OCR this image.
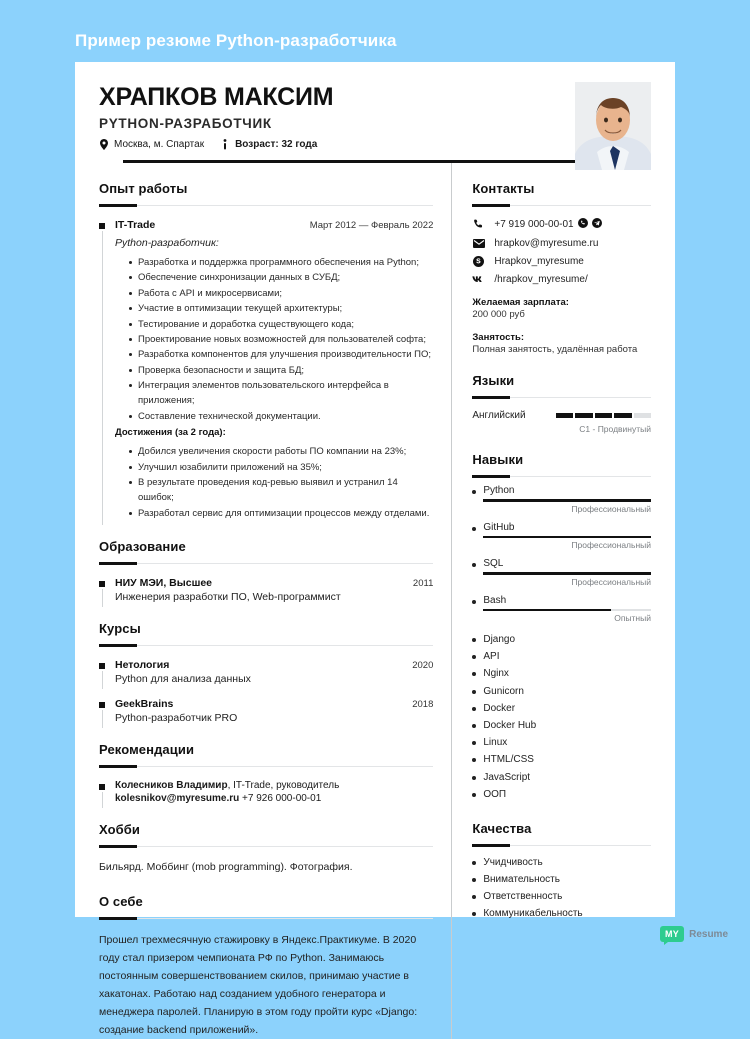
Пример резюме Python-разработчика
ХРАПКОВ МАКСИМ
PYTHON-РАЗРАБОТЧИК
Москва, м. Спартак	Возраст: 32 года
Опыт работы
IT-Trade	Март 2012 — Февраль 2022
Python-разработчик:
Разработка и поддержка программного обеспечения на Python;
Обеспечение синхронизации данных в СУБД;
Работа с API и микросервисами;
Участие в оптимизации текущей архитектуры;
Тестирование и доработка существующего кода;
Проектирование новых возможностей для пользователей софта;
Разработка компонентов для улучшения производительности ПО;
Проверка безопасности и защита БД;
Интеграция элементов пользовательского интерфейса в приложения;
Составление технической документации.
Достижения (за 2 года):
Добился увеличения скорости работы ПО компании на 23%;
Улучшил юзабилити приложений на 35%;
В результате проведения код-ревью выявил и устранил 14 ошибок;
Разработал сервис для оптимизации процессов между отделами.
Образование
НИУ МЭИ, Высшее	2011
Инженерия разработки ПО, Web-программист
Курсы
Нетология	2020
Python для анализа данных
GeekBrains	2018
Python-разработчик PRO
Рекомендации
Колесников Владимир, IT-Trade, руководитель
kolesnikov@myresume.ru +7 926 000-00-01
Хобби
Бильярд. Моббинг (mob programming). Фотография.
О себе
Прошел трехмесячную стажировку в Яндекс.Практикуме. В 2020 году стал призером чемпионата РФ по Python. Занимаюсь постоянным совершенствованием скилов, принимаю участие в хакатонах. Работаю над созданием удобного генератора и менеджера паролей. Планирую в этом году пройти курс «Django: создание backend приложений».
Контакты
+7 919 000-00-01
hrapkov@myresume.ru
Hrapkov_myresume
/hrapkov_myresume/
Желаемая зарплата:
200 000 руб
Занятость:
Полная занятость, удалённая работа
Языки
Английский
C1 - Продвинутый
Навыки
Python
Профессиональный
GitHub
Профессиональный
SQL
Профессиональный
Bash
Опытный
Django
API
Nginx
Gunicorn
Docker
Docker Hub
Linux
HTML/CSS
JavaScript
ООП
Качества
Учидчивость
Внимательность
Ответственность
Коммуникабельность
MY	Resume
